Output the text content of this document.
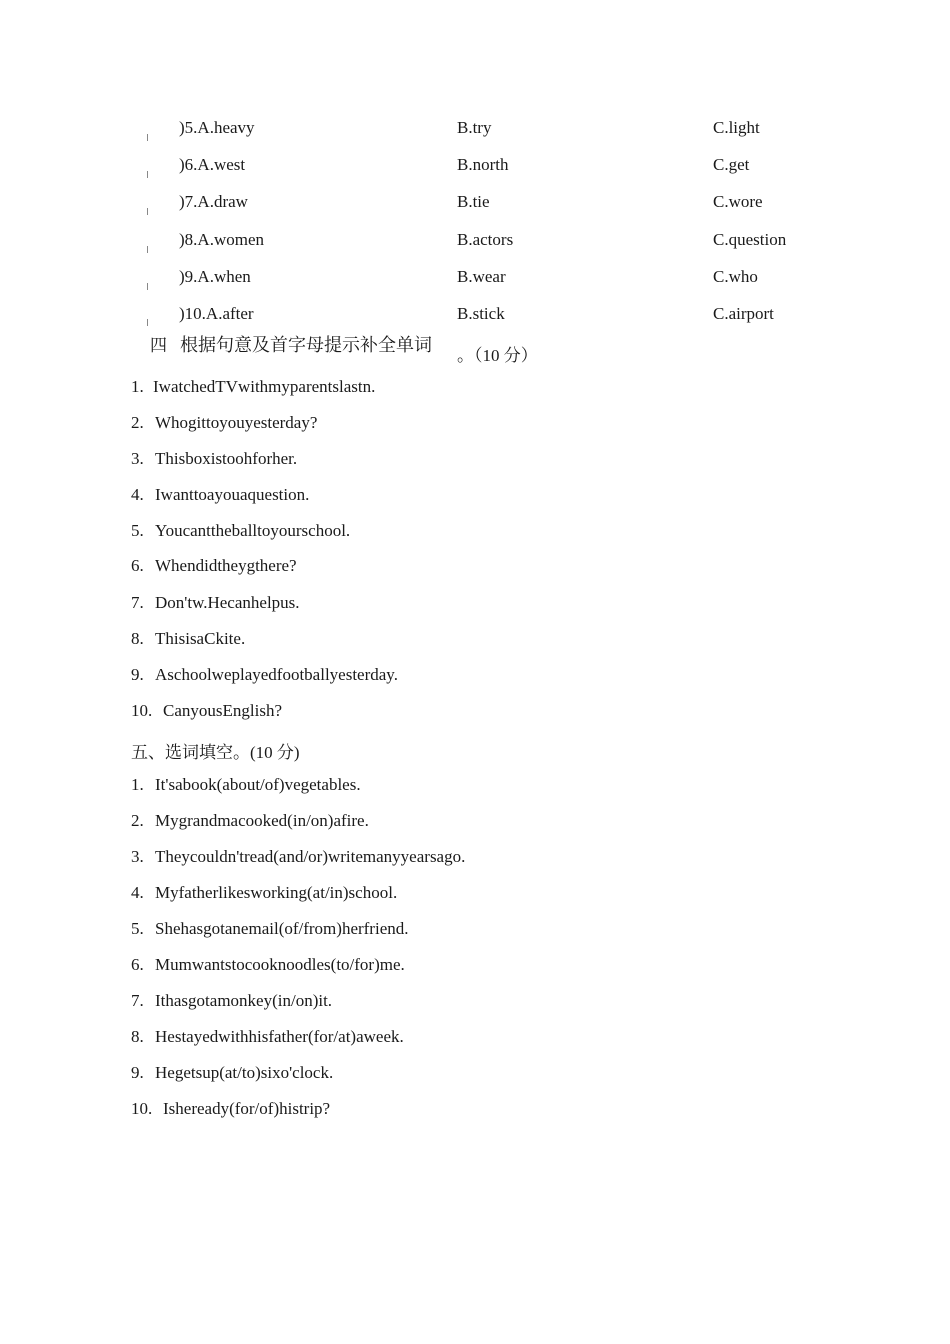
)5.A.heavy	B.try	C.light
)6.A.west	B.north	C.get
)7.A.draw	B.tie	C.wore
)8.A.women	B.actors	C.question
)9.A.when	B.wear	C.who
)10.A.after	B.stick	C.airport
四 根据句意及首字母提示补全单词	。（10 分）
1. IwatchedTVwithmyparentslastn.
2. Whogittoyouyesterday?
3. Thisboxistoohforher.
4. Iwanttoayouaquestion.
5. Youcanttheballtoyourschool.
6. Whendidtheygthere?
7. Don'tw.Hecanhelpus.
8. ThisisaCkite.
9. Aschoolweplayedfootballyesterday.
10. CanyousEnglish?
五、选词填空。(10 分)
1. It'sabook(about/of)vegetables.
2. Mygrandmacooked(in/on)afire.
3. Theycouldn'tread(and/or)writemanyyearsago.
4. Myfatherlikesworking(at/in)school.
5. Shehasgotanemail(of/from)herfriend.
6. Mumwantstocooknoodles(to/for)me.
7. Ithasgotamonkey(in/on)it.
8. Hestayedwithhisfather(for/at)aweek.
9. Hegetsup(at/to)sixo'clock.
10. Isheready(for/of)histrip?
